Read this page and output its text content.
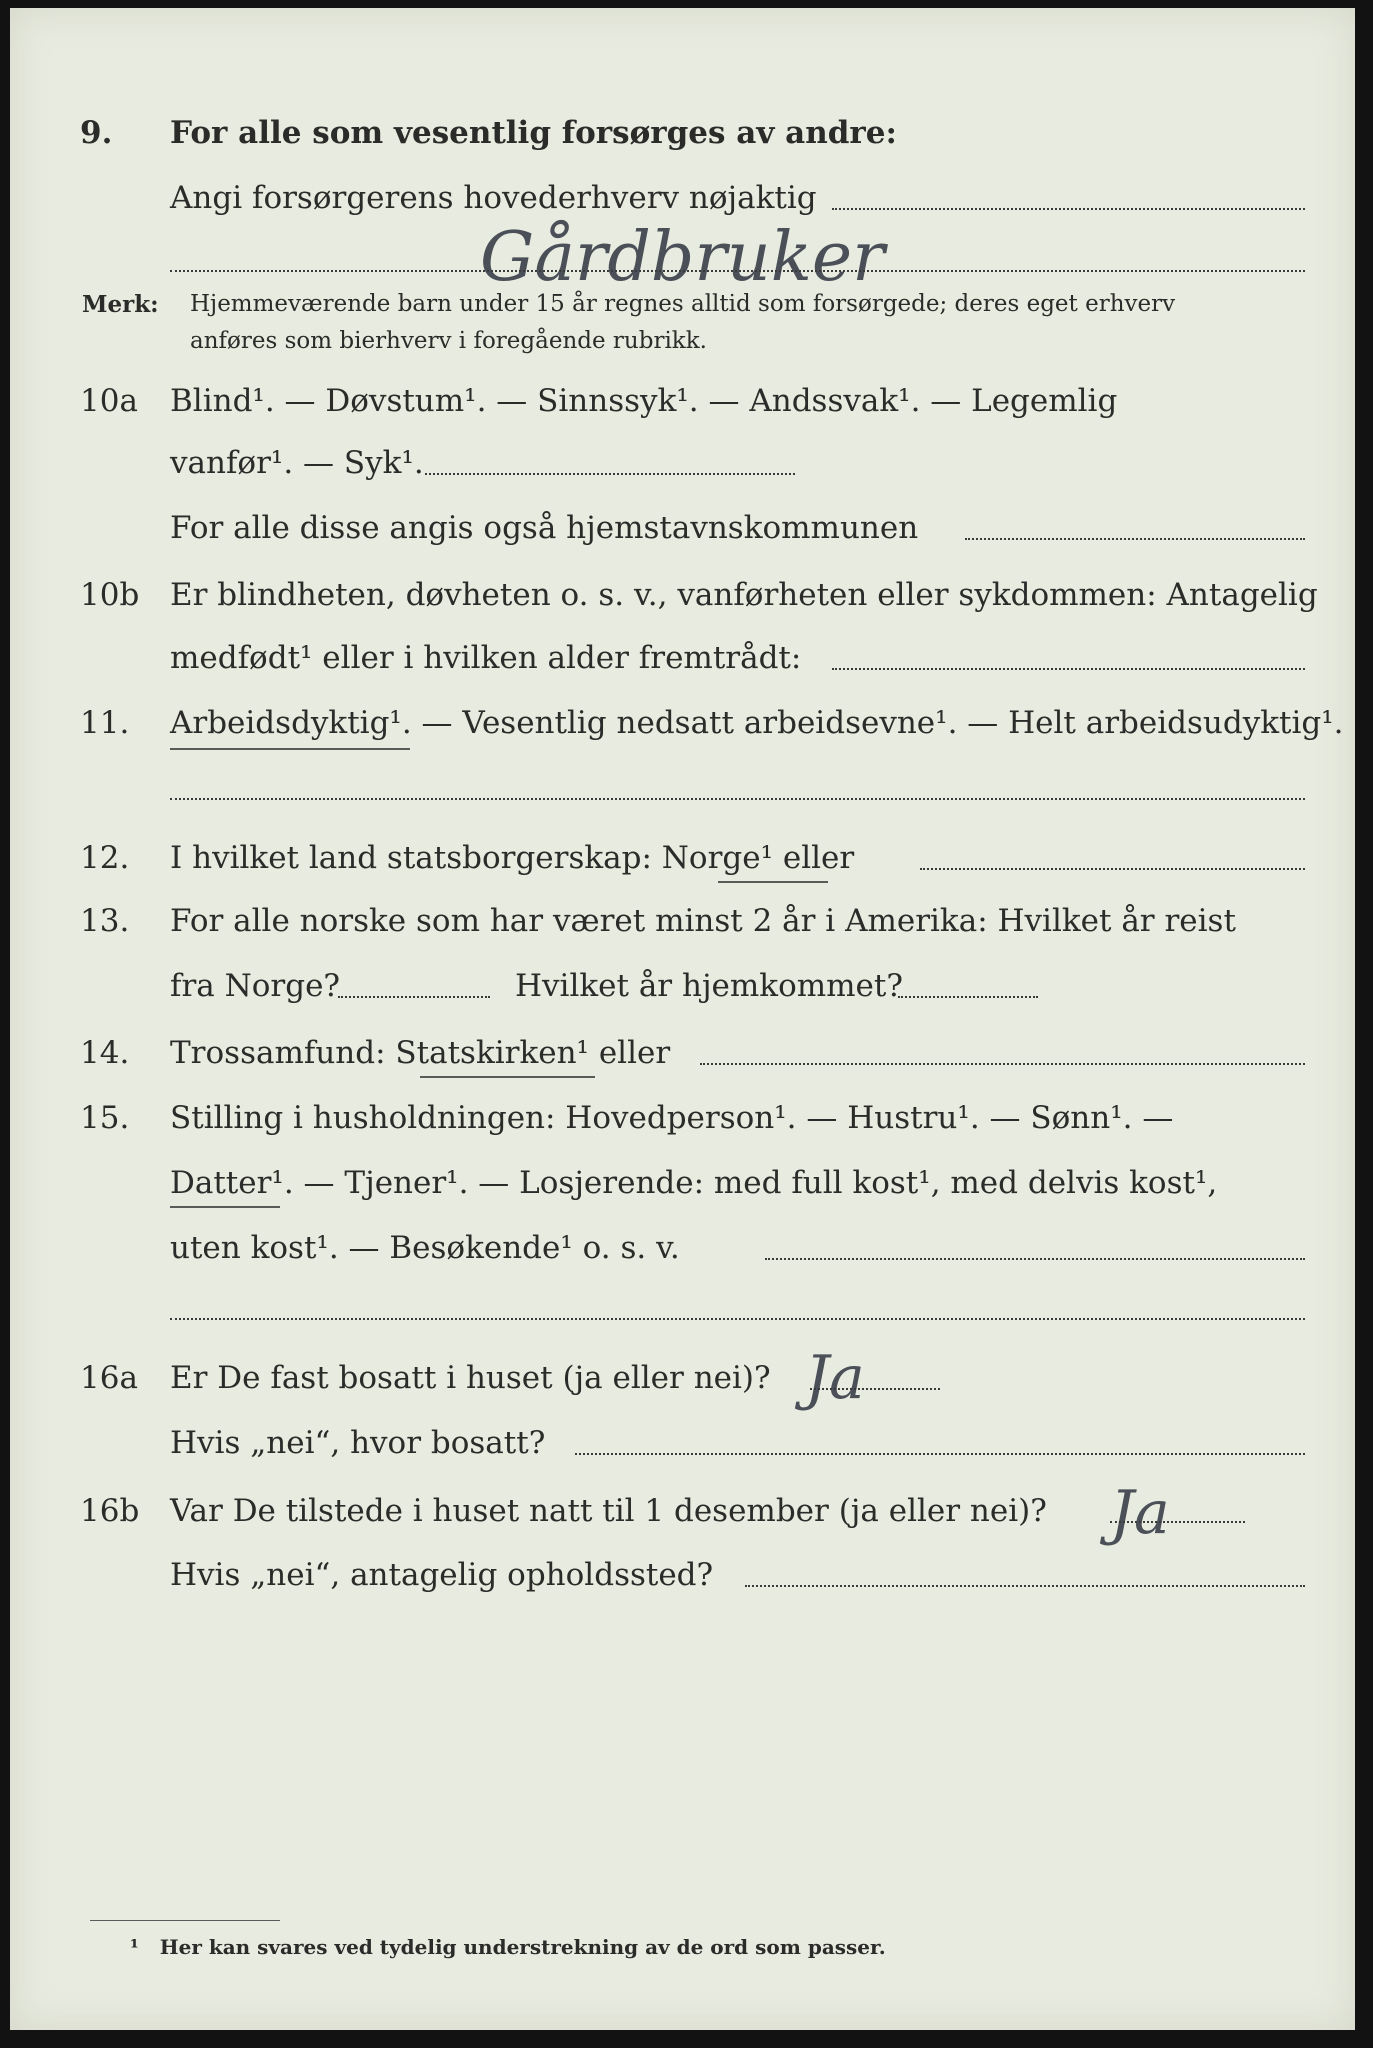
9. For alle som vesentlig forsørges av andre:
Angi forsørgerens hovederhverv nøjaktig
Gårdbruker
Merk: Hjemmeværende barn under 15 år regnes alltid som forsørgede; deres eget erhverv
anføres som bierhverv i foregående rubrikk.
10a Blind¹. — Døvstum¹. — Sinnssyk¹. — Andssvak¹. — Legemlig
vanfør¹. — Syk¹.
For alle disse angis også hjemstavnskommunen
10b Er blindheten, døvheten o. s. v., vanførheten eller sykdommen: Antagelig
medfødt¹ eller i hvilken alder fremtrådt:
11. Arbeidsdyktig¹. — Vesentlig nedsatt arbeidsevne¹. — Helt arbeidsudyktig¹.
12. I hvilket land statsborgerskap: Norge¹ eller
13. For alle norske som har været minst 2 år i Amerika: Hvilket år reist
fra Norge?	Hvilket år hjemkommet?
14. Trossamfund: Statskirken¹ eller
15. Stilling i husholdningen: Hovedperson¹. — Hustru¹. — Sønn¹. —
Datter¹. — Tjener¹. — Losjerende: med full kost¹, med delvis kost¹,
uten kost¹. — Besøkende¹ o. s. v.
16a Er De fast bosatt i huset (ja eller nei)? Ja
Hvis „nei“, hvor bosatt?
16b Var De tilstede i huset natt til 1 desember (ja eller nei)? Ja
Hvis „nei“, antagelig opholdssted?
¹ Her kan svares ved tydelig understrekning av de ord som passer.
